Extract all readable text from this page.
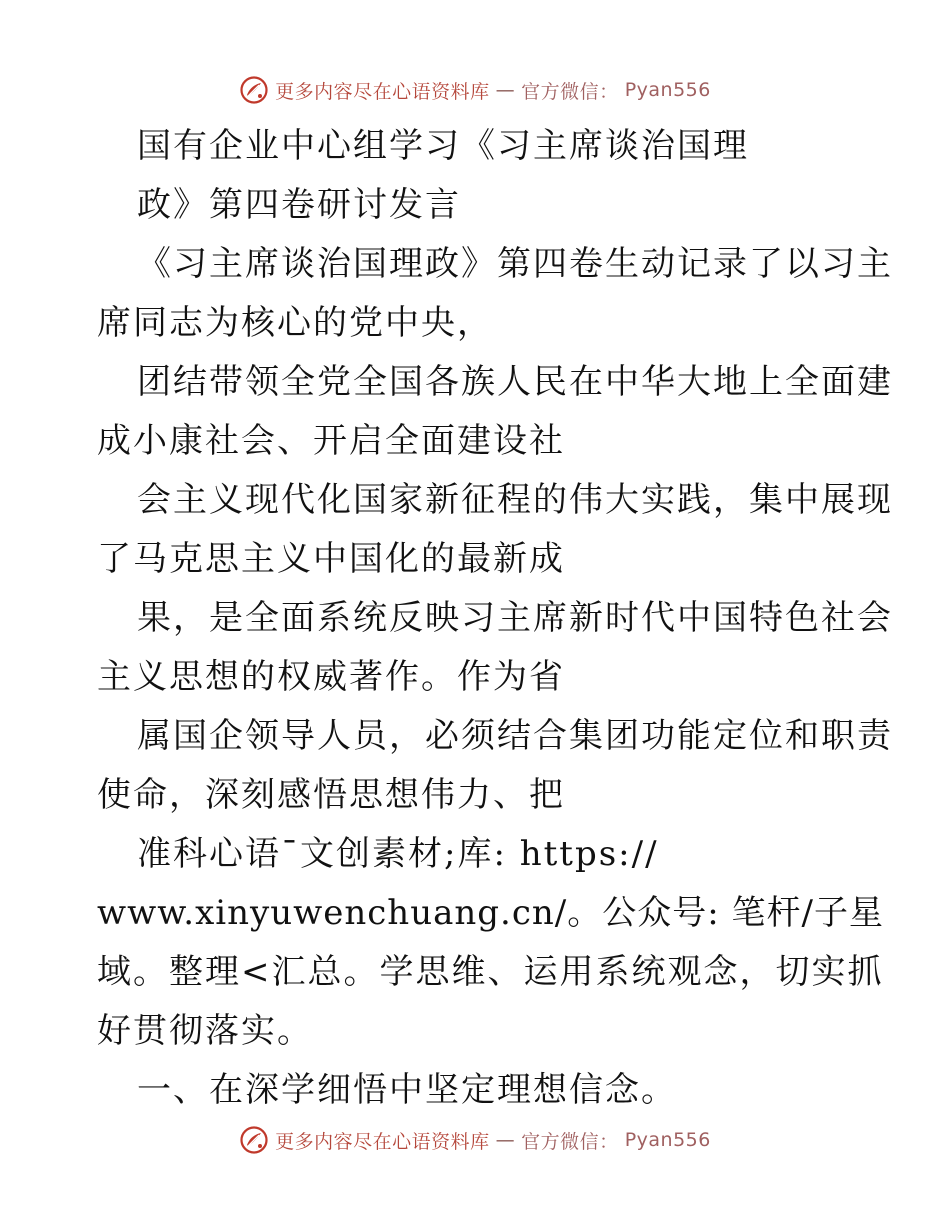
更多内容尽在心语资料库 — 官方微信： Pyan556
国有企业中心组学习《习主席谈治国理
政》第四卷研讨发言
《习主席谈治国理政》第四卷生动记录了以习主
席同志为核心的党中央，
团结带领全党全国各族人民在中华大地上全面建
成小康社会、开启全面建设社
会主义现代化国家新征程的伟大实践，集中展现
了马克思主义中国化的最新成
果，是全面系统反映习主席新时代中国特色社会
主义思想的权威著作。作为省
属国企领导人员，必须结合集团功能定位和职责
使命，深刻感悟思想伟力、把
准科心语¯文创素材;库: https://
www.xinyuwenchuang.cn/。公众号: 笔杆/子星
域。整理<汇总。学思维、运用系统观念，切实抓
好贯彻落实。
一、在深学细悟中坚定理想信念。
更多内容尽在心语资料库 — 官方微信： Pyan556
